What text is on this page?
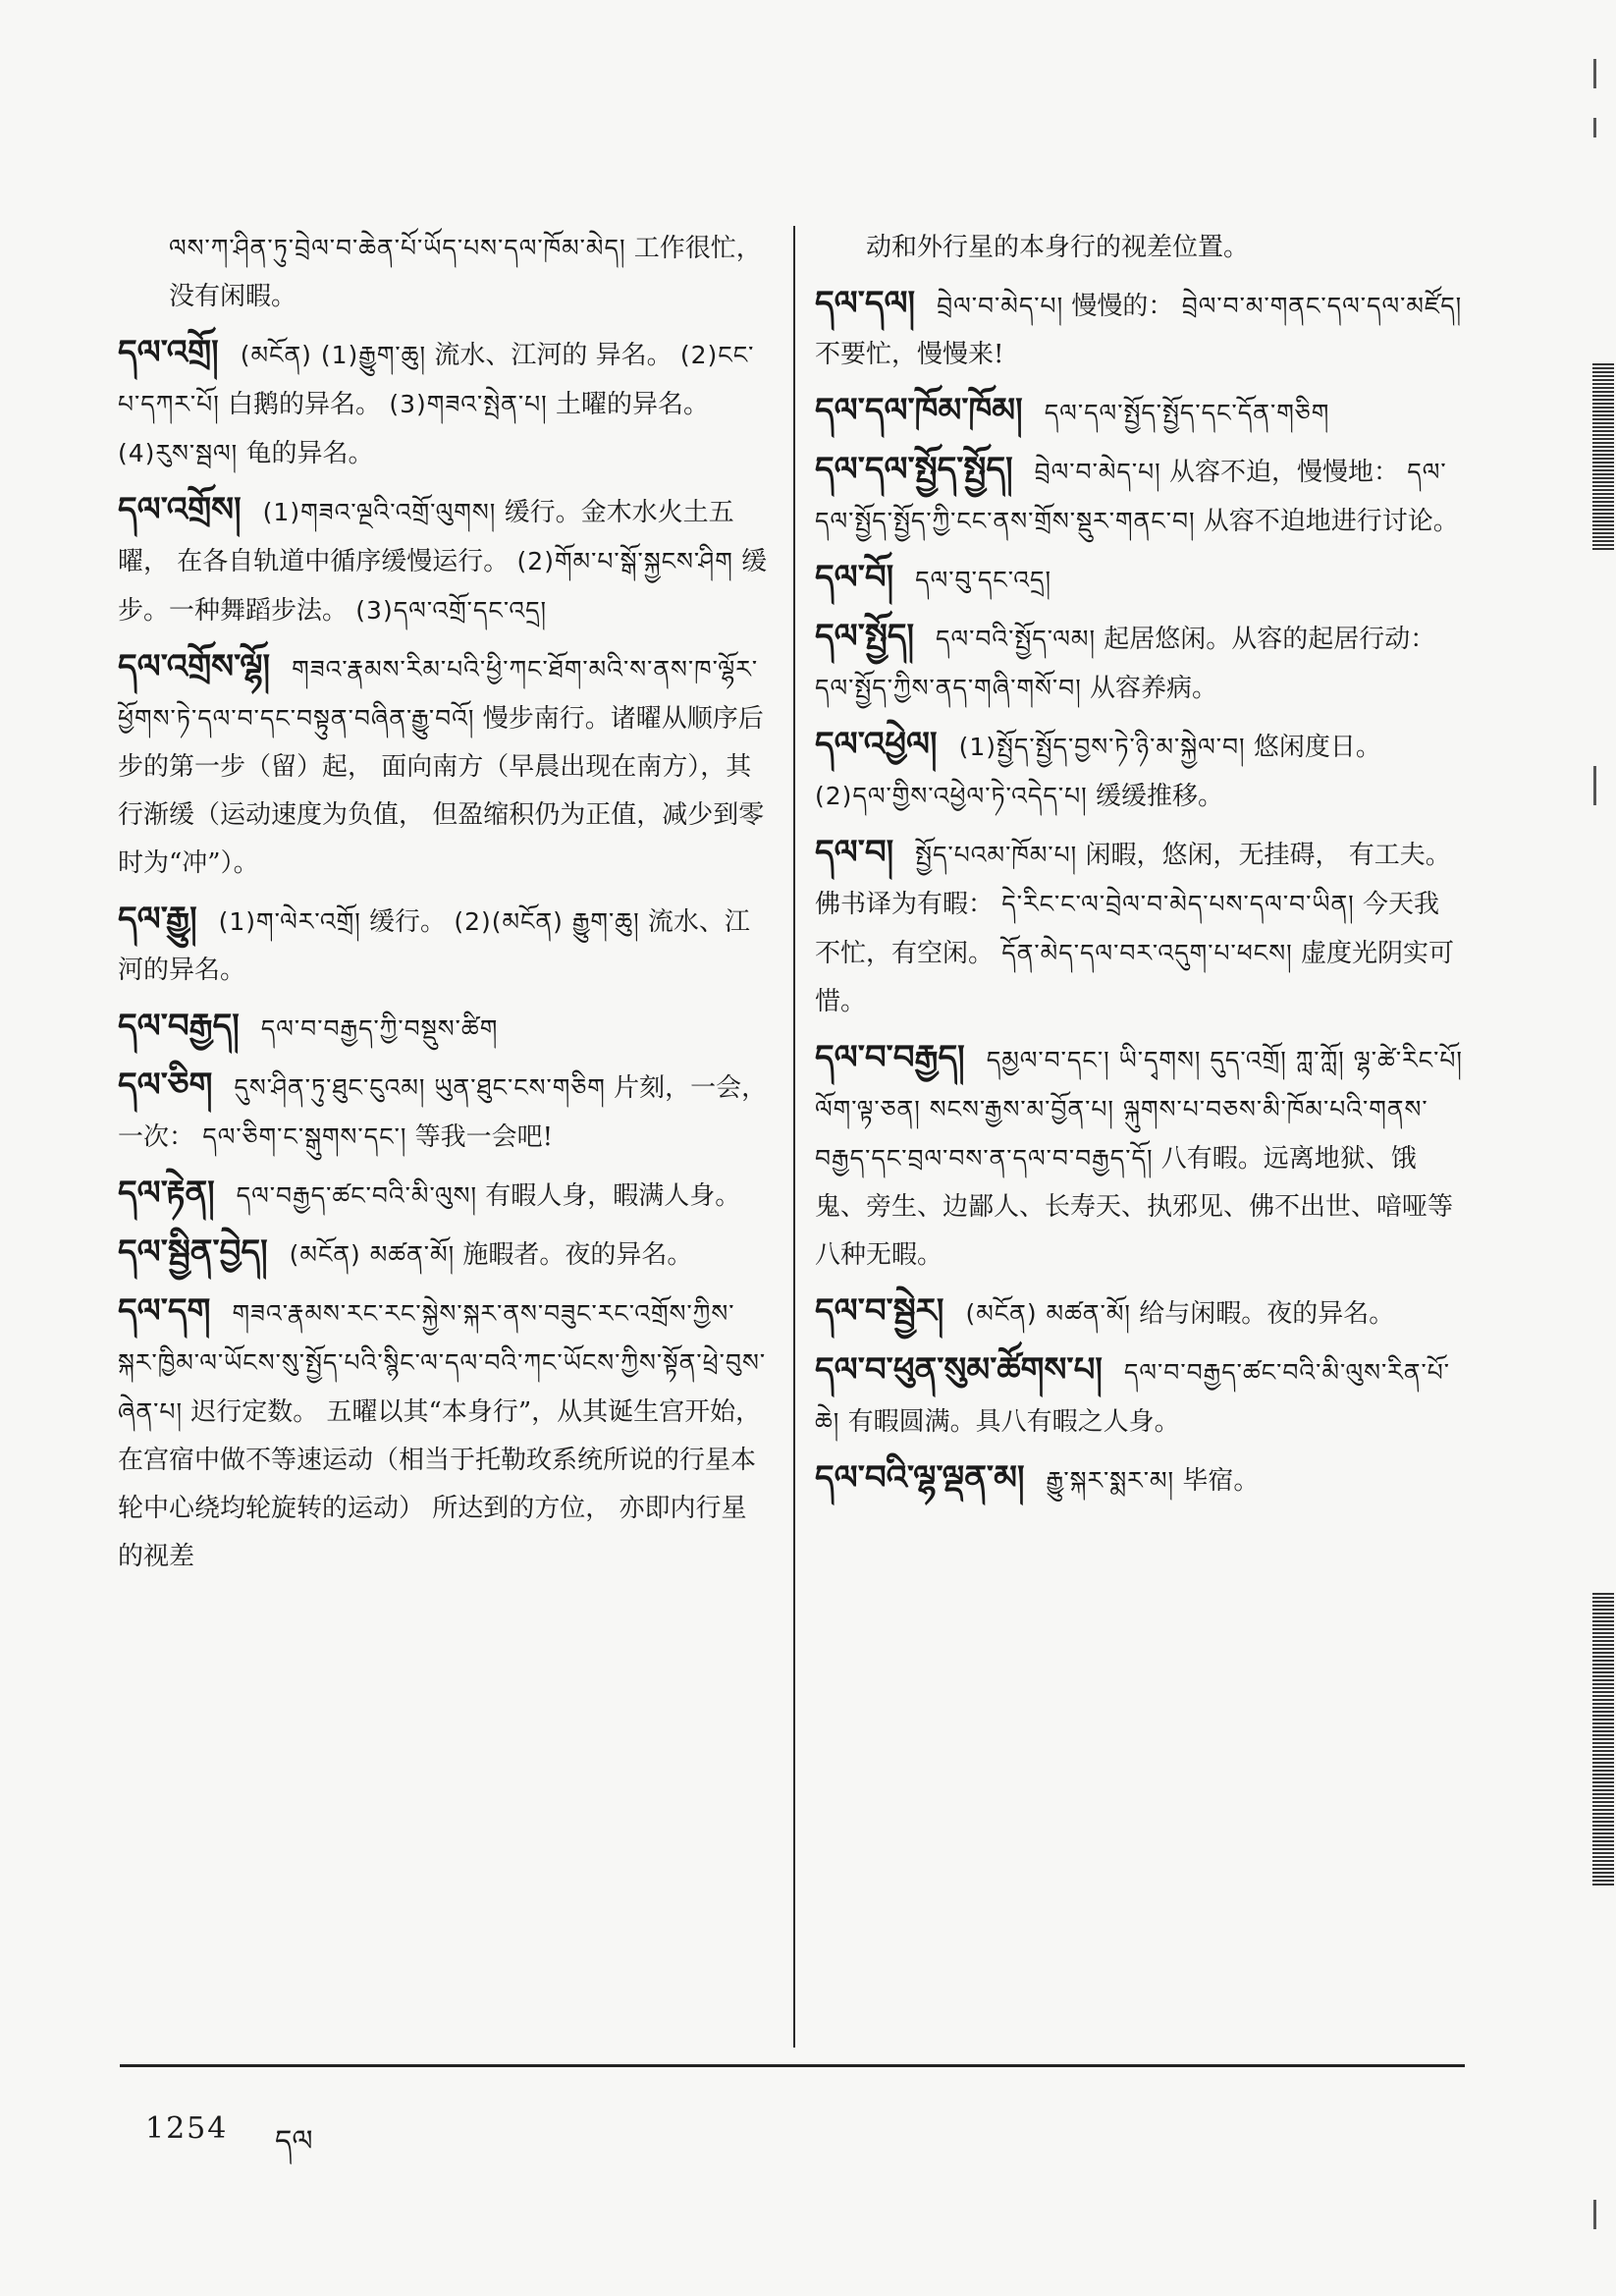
ལས་ཀ་ཤིན་ཏུ་བྲེལ་བ་ཆེན་པོ་ཡོད་པས་དལ་ཁོམ་མེད། 工作很忙，没有闲暇。
དལ་འགྲོ། (མངོན) (1)རྒྱུག་ཆུ། 流水、江河的 异名。 (2)ངང་པ་དཀར་པོ། 白鹅的异名。 (3)གཟའ་སྤེན་པ། 土曜的异名。 (4)རུས་སྦལ། 龟的异名。
དལ་འགྲོས། (1)གཟའ་ལྔའི་འགྲོ་ལུགས། 缓行。金木水火土五曜， 在各自轨道中循序缓慢运行。 (2)གོམ་པ་སྒོ་སྐྱངས་ཤིག 缓步。一种舞蹈步法。 (3)དལ་འགྲོ་དང་འདྲ།
དལ་འགྲོས་ལྷོ། གཟའ་རྣམས་རིམ་པའི་ཕྱི་ཀང་ཐོག་མའི་ས་ནས་ཁ་ལྷོར་ཕྱོགས་ཏེ་དལ་བ་དང་བསྟུན་བཞིན་རྒྱུ་བའོ། 慢步南行。诸曜从顺序后步的第一步（留）起， 面向南方（早晨出现在南方），其行渐缓（运动速度为负值， 但盈缩积仍为正值，减少到零时为“冲”）。
དལ་རྒྱུ། (1)ག་ལེར་འགྲོ། 缓行。 (2)(མངོན) རྒྱུག་ཆུ། 流水、江河的异名。
དལ་བརྒྱད། དལ་བ་བརྒྱད་ཀྱི་བསྡུས་ཚིག
དལ་ཅིག དུས་ཤིན་ཏུ་ཐུང་ངུའམ། ཡུན་ཐུང་ངས་གཅིག 片刻，一会，一次： དལ་ཅིག་ང་སྒུགས་དང་། 等我一会吧!
དལ་རྟེན། དལ་བརྒྱད་ཚང་བའི་མི་ལུས། 有暇人身，暇满人身。
དལ་སྦྱིན་བྱེད། (མངོན) མཚན་མོ། 施暇者。夜的异名。
དལ་དག གཟའ་རྣམས་རང་རང་སྐྱེས་སྐར་ནས་བཟུང་རང་འགྲོས་ཀྱིས་སྐར་ཁྱིམ་ལ་ཡོངས་སུ་སྤྱོད་པའི་སྙིང་ལ་དལ་བའི་ཀང་ཡོངས་ཀྱིས་སྟོན་ཕྲེ་བུས་ཞེན་པ། 迟行定数。 五曜以其“本身行”，从其诞生宫开始， 在宫宿中做不等速运动（相当于托勒玫系统所说的行星本轮中心绕均轮旋转的运动） 所达到的方位， 亦即内行星的视差
动和外行星的本身行的视差位置。
དལ་དལ། བྲེལ་བ་མེད་པ། 慢慢的： བྲེལ་བ་མ་གནང་དལ་དལ་མཛོད། 不要忙，慢慢来!
དལ་དལ་ཁོམ་ཁོམ། དལ་དལ་སྤྱོད་སྤྱོད་དང་དོན་གཅིག
དལ་དལ་སྤྱོད་སྤྱོད། བྲེལ་བ་མེད་པ། 从容不迫，慢慢地： དལ་དལ་སྤྱོད་སྤྱོད་ཀྱི་ངང་ནས་གྲོས་སྡུར་གནང་བ། 从容不迫地进行讨论。
དལ་བོ། དལ་བུ་དང་འདྲ།
དལ་སྤྱོད། དལ་བའི་སྤྱོད་ལམ། 起居悠闲。从容的起居行动： དལ་སྤྱོད་ཀྱིས་ནད་གཞི་གསོ་བ། 从容养病。
དལ་འཕྱེལ། (1)སྤྱོད་སྤྱོད་བྱས་ཏེ་ཉི་མ་སྐྱེལ་བ། 悠闲度日。 (2)དལ་གྱིས་འཕྱེལ་ཏེ་འདེད་པ། 缓缓推移。
དལ་བ། སྤྱོད་པའམ་ཁོམ་པ། 闲暇，悠闲，无挂碍， 有工夫。 佛书译为有暇： དེ་རིང་ང་ལ་བྲེལ་བ་མེད་པས་དལ་བ་ཡིན། 今天我不忙，有空闲。 དོན་མེད་དལ་བར་འདུག་པ་ཕངས། 虚度光阴实可惜。
དལ་བ་བརྒྱད། དམྱལ་བ་དང་། ཡི་དྭགས། དུད་འགྲོ། ཀླ་ཀློ། ལྷ་ཚེ་རིང་པོ། ལོག་ལྟ་ཅན། སངས་རྒྱས་མ་བྱོན་པ། ལྐུགས་པ་བཅས་མི་ཁོམ་པའི་གནས་བརྒྱད་དང་བྲལ་བས་ན་དལ་བ་བརྒྱད་དོ། 八有暇。远离地狱、饿鬼、旁生、边鄙人、长寿天、执邪见、佛不出世、喑哑等八种无暇。
དལ་བ་སྦྱེར། (མངོན) མཚན་མོ། 给与闲暇。夜的异名。
དལ་བ་ཕུན་སུམ་ཚོགས་པ། དལ་བ་བརྒྱད་ཚང་བའི་མི་ལུས་རིན་པོ་ཆེ། 有暇圆满。具八有暇之人身。
དལ་བའི་ལྷ་ལྡན་མ། རྒྱུ་སྐར་སྨར་མ། 毕宿。
1254 དལ
